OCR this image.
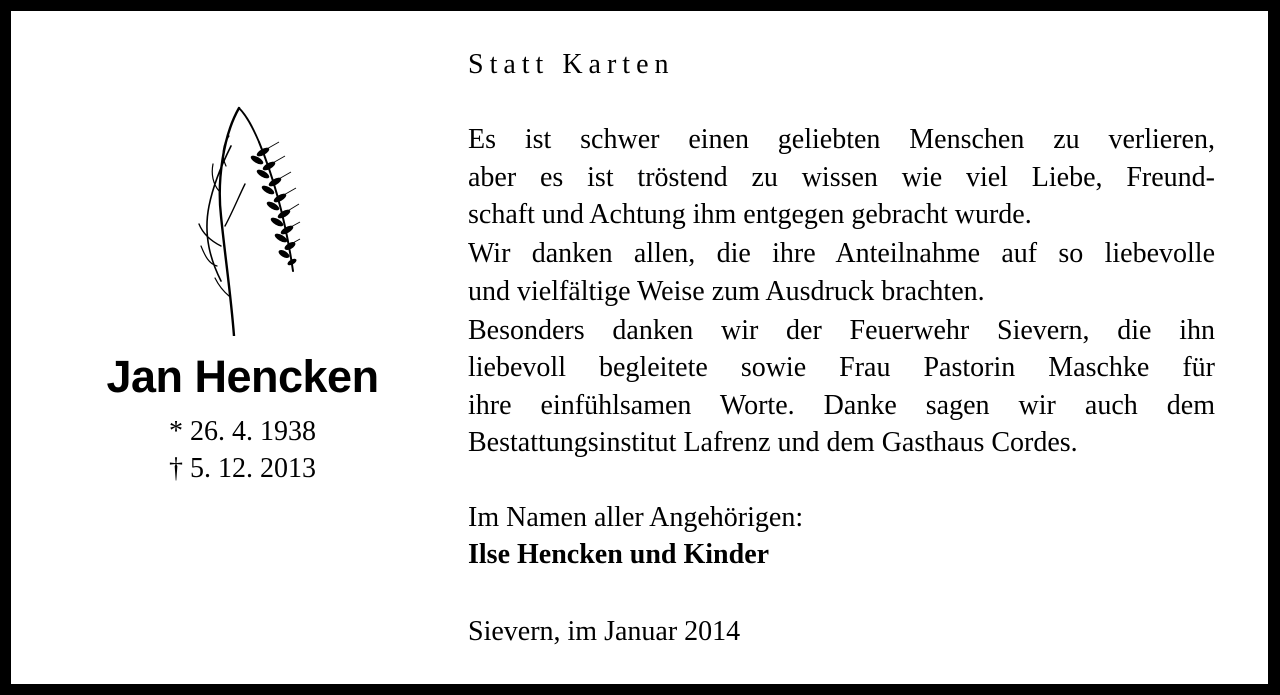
Jan Hencken
* 26. 4. 1938
† 5. 12. 2013
Statt Karten
Es ist schwer einen geliebten Menschen zu verlieren,
aber es ist tröstend zu wissen wie viel Liebe, Freund-
schaft und Achtung ihm entgegen gebracht wurde.
Wir danken allen, die ihre Anteilnahme auf so liebevolle
und vielfältige Weise zum Ausdruck brachten.
Besonders danken wir der Feuerwehr Sievern, die ihn
liebevoll begleitete sowie Frau Pastorin Maschke für
ihre einfühlsamen Worte. Danke sagen wir auch dem
Bestattungsinstitut Lafrenz und dem Gasthaus Cordes.
Im Namen aller Angehörigen:
Ilse Hencken und Kinder
Sievern, im Januar 2014
